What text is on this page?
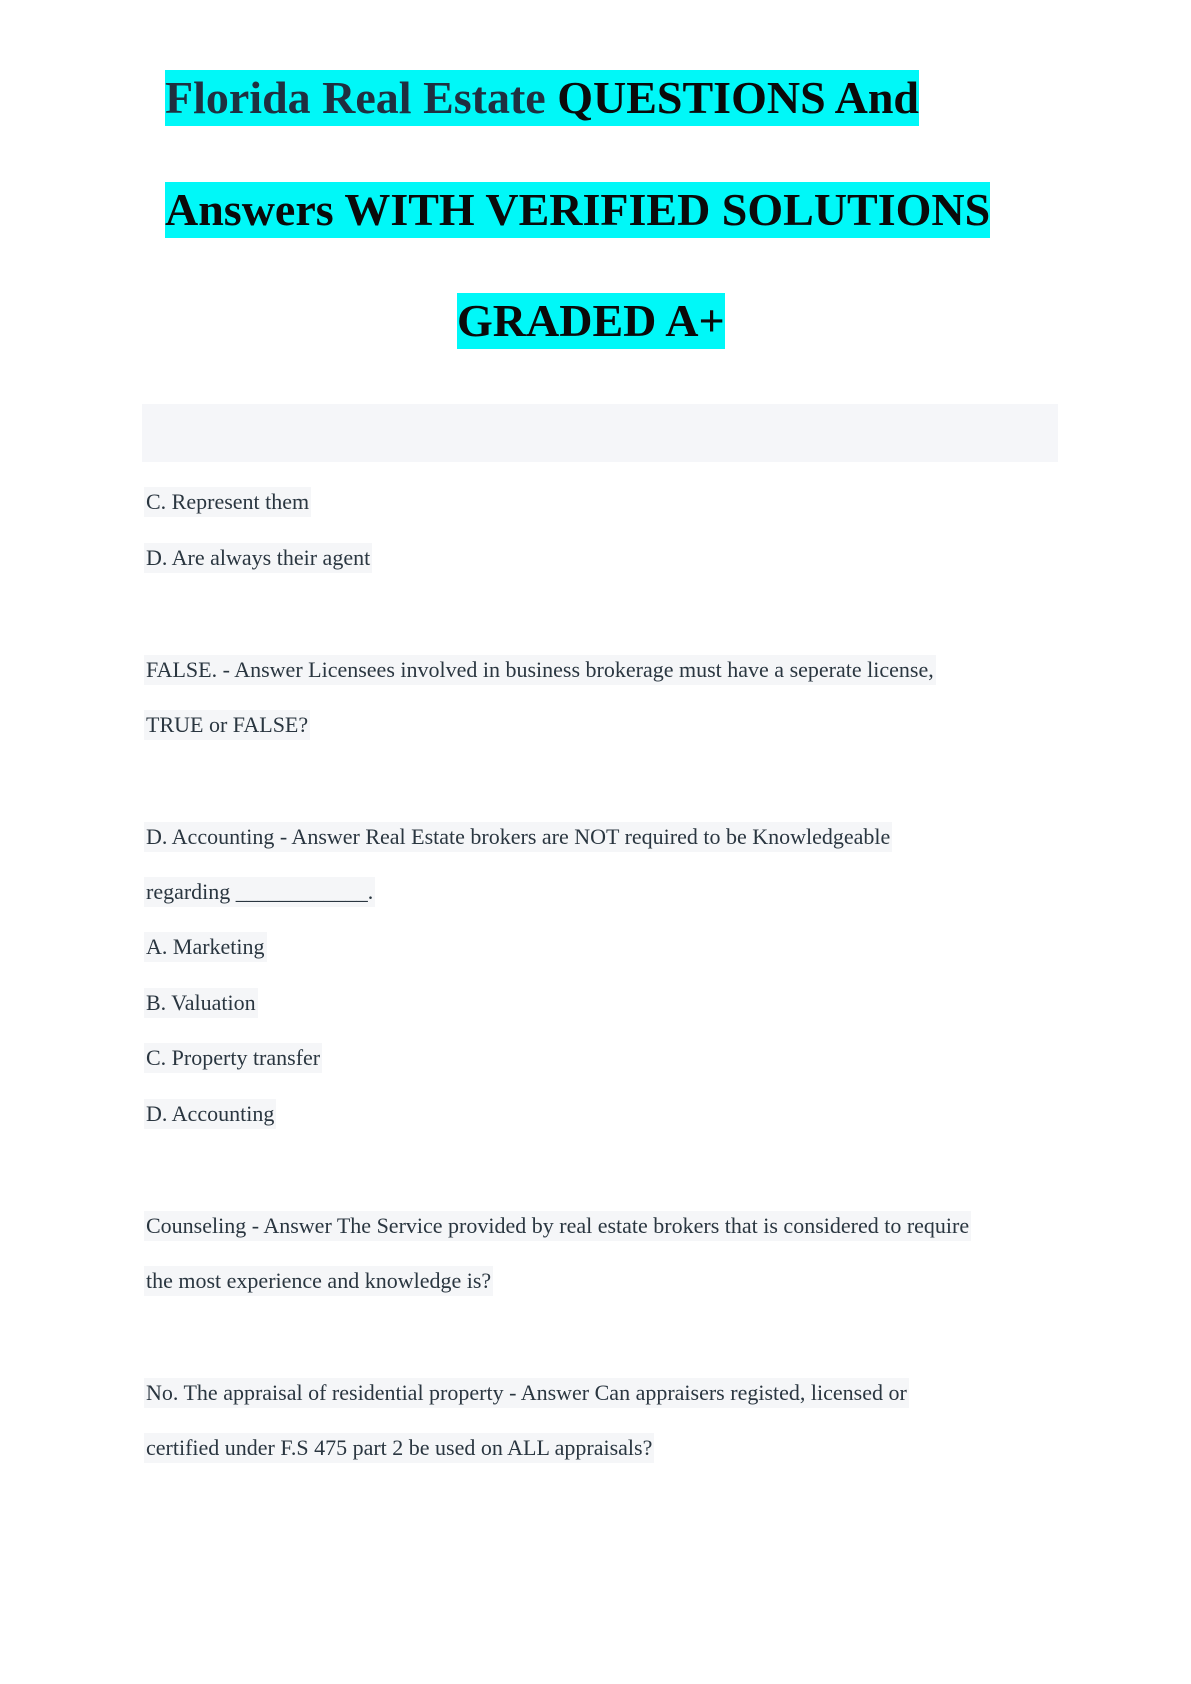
Florida Real Estate QUESTIONS And
Answers WITH VERIFIED SOLUTIONS
GRADED A+
C. Represent them
D. Are always their agent
FALSE. - Answer Licensees involved in business brokerage must have a seperate license,
TRUE or FALSE?
D. Accounting - Answer Real Estate brokers are NOT required to be Knowledgeable
regarding ____________.
A. Marketing
B. Valuation
C. Property transfer
D. Accounting
Counseling - Answer The Service provided by real estate brokers that is considered to require
the most experience and knowledge is?
No. The appraisal of residential property - Answer Can appraisers registed, licensed or
certified under F.S 475 part 2 be used on ALL appraisals?
